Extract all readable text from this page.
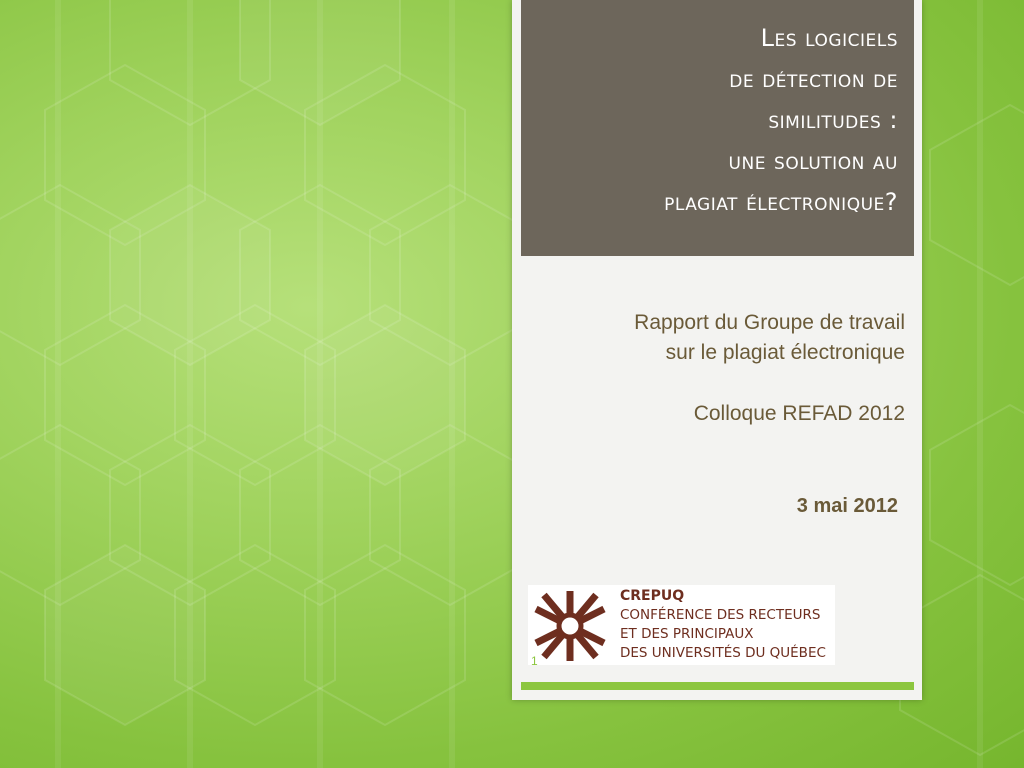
Les logiciels
de détection de
similitudes :
une solution au
plagiat électronique?
Rapport du Groupe de travail
sur le plagiat électronique
Colloque REFAD 2012
3 mai 2012
CREPUQ
CONFÉRENCE DES RECTEURS
ET DES PRINCIPAUX
DES UNIVERSITÉS DU QUÉBEC
1
